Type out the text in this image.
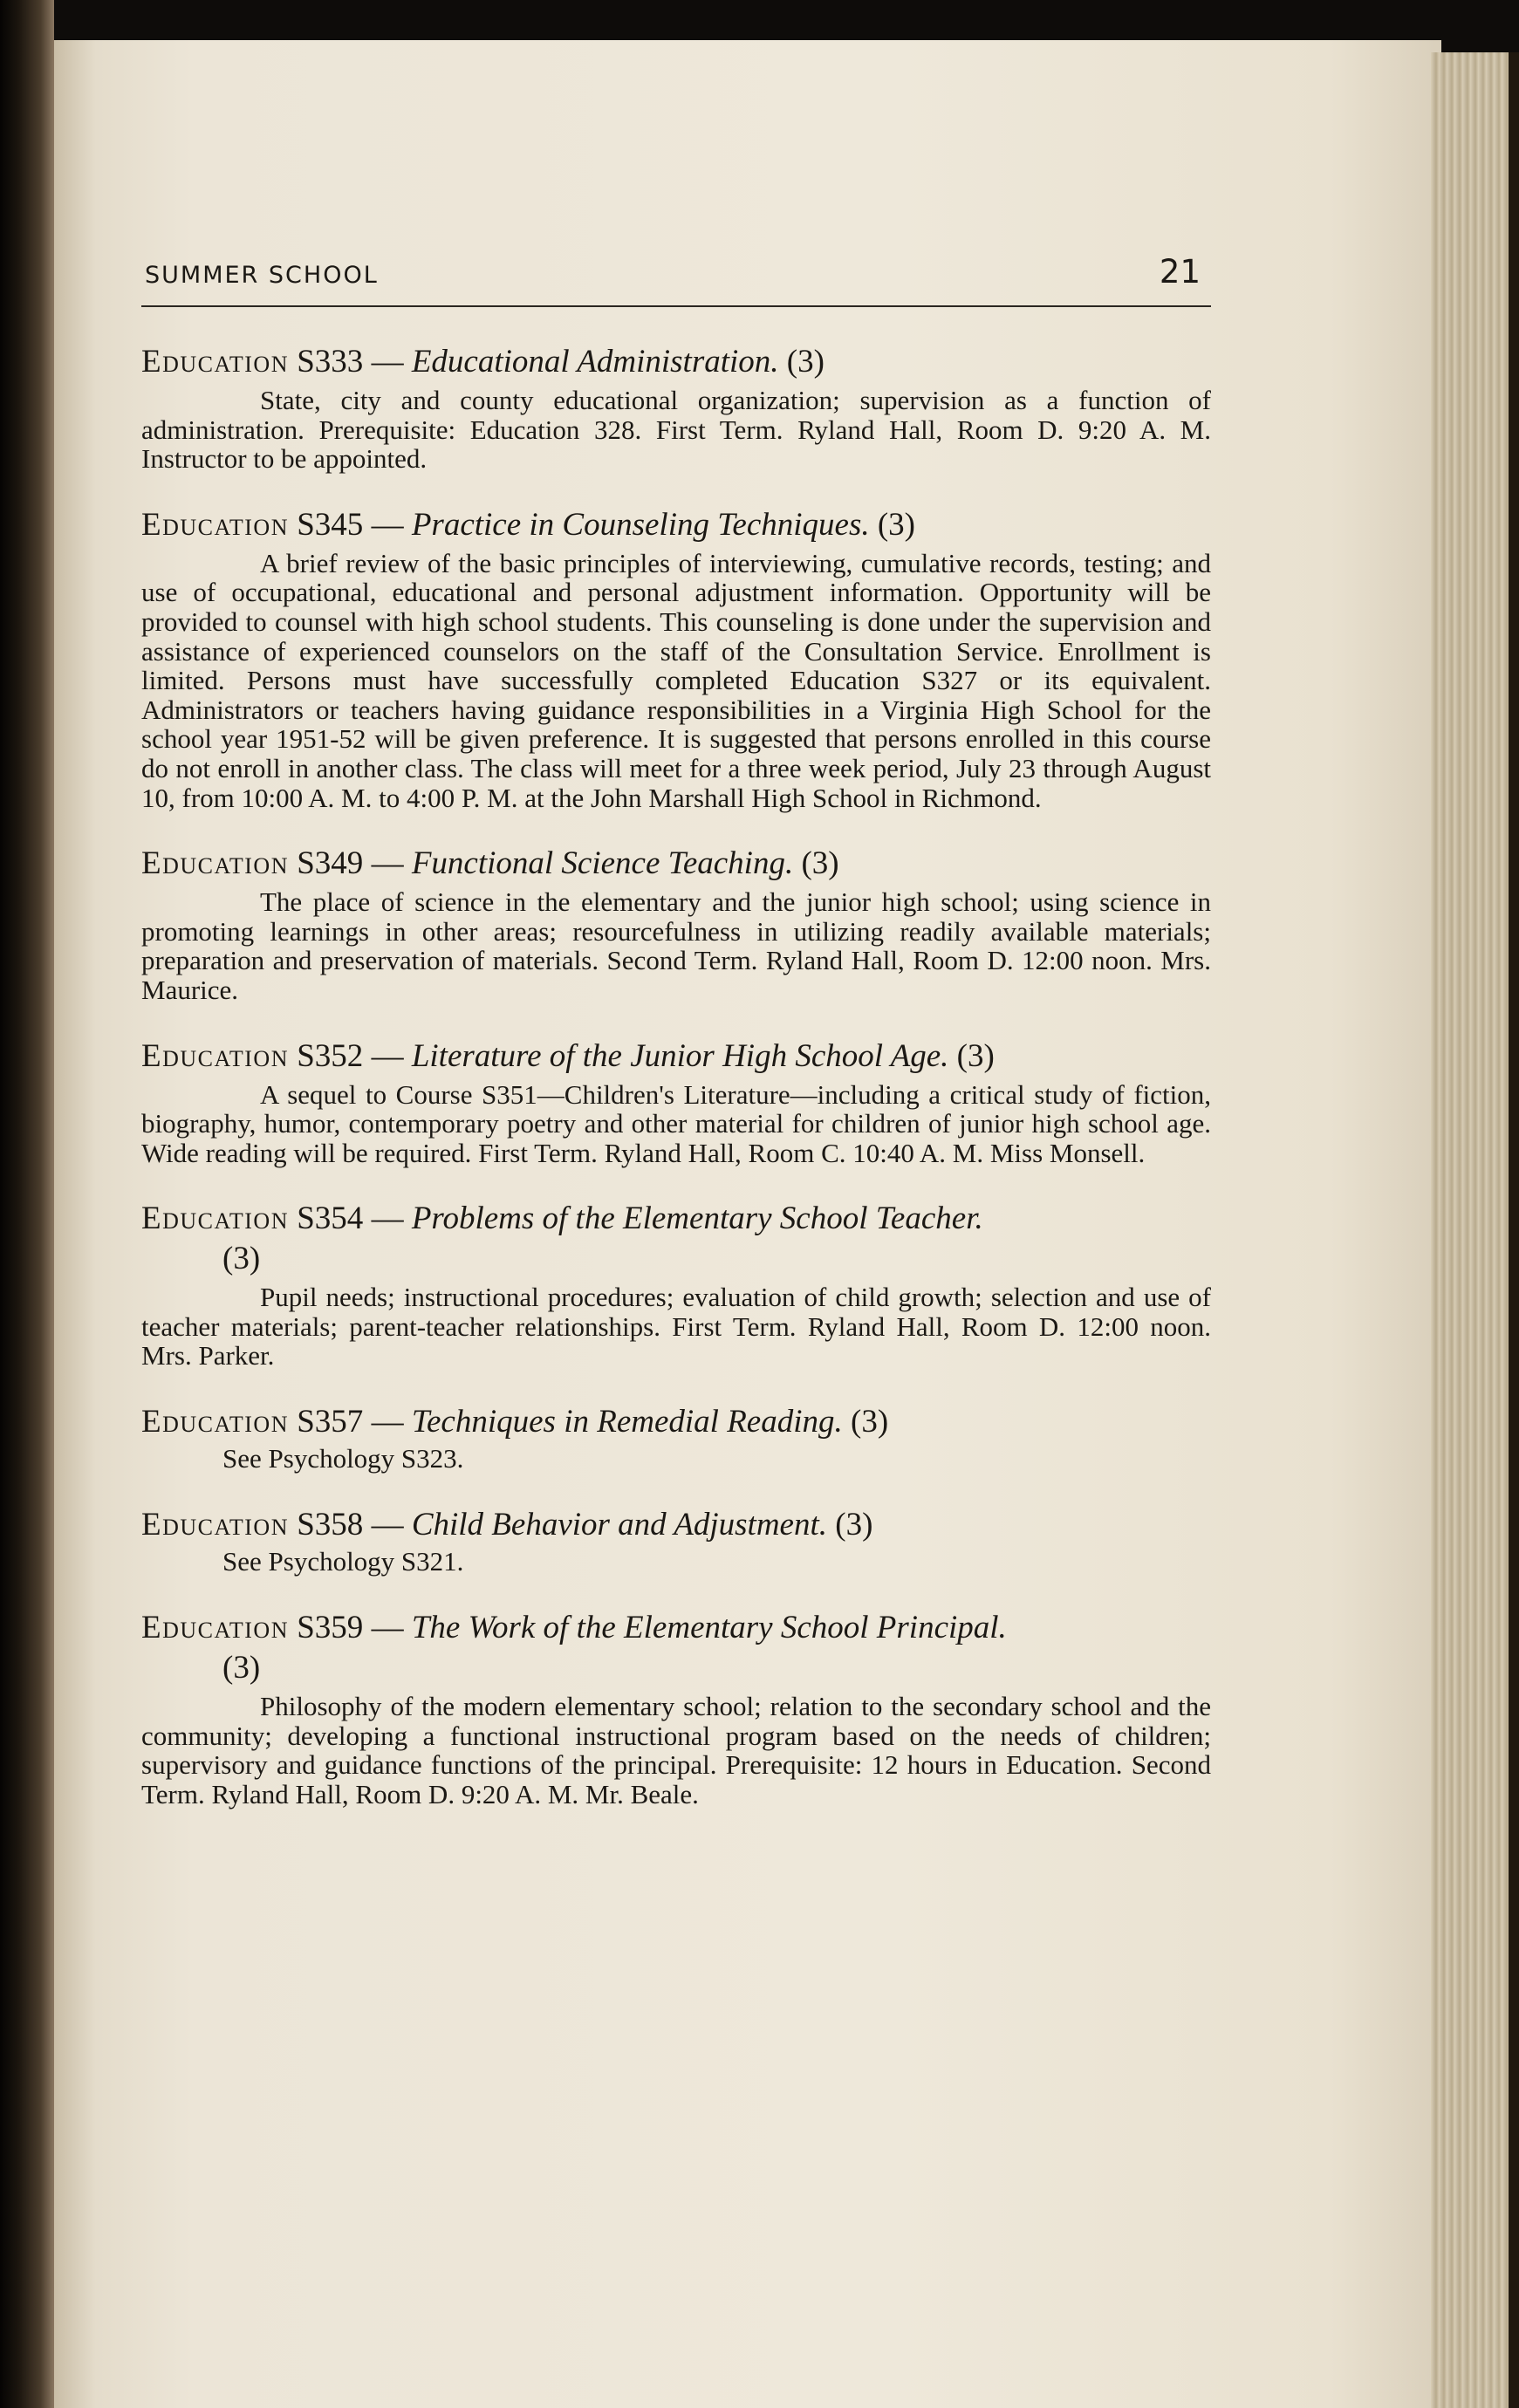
SUMMER SCHOOL	21
Education S333 — Educational Administration. (3)
State, city and county educational organization; supervision as a function of administration. Prerequisite: Education 328. First Term. Ryland Hall, Room D. 9:20 A. M. Instructor to be appointed.
Education S345 — Practice in Counseling Techniques. (3)
A brief review of the basic principles of interviewing, cumulative records, testing; and use of occupational, educational and personal adjustment information. Opportunity will be provided to counsel with high school students. This counseling is done under the supervision and assistance of experienced counselors on the staff of the Consultation Service. Enrollment is limited. Persons must have successfully completed Education S327 or its equivalent. Administrators or teachers having guidance responsibilities in a Virginia High School for the school year 1951-52 will be given preference. It is suggested that persons enrolled in this course do not enroll in another class. The class will meet for a three week period, July 23 through August 10, from 10:00 A. M. to 4:00 P. M. at the John Marshall High School in Richmond.
Education S349 — Functional Science Teaching. (3)
The place of science in the elementary and the junior high school; using science in promoting learnings in other areas; resourcefulness in utilizing readily available materials; preparation and preservation of materials. Second Term. Ryland Hall, Room D. 12:00 noon. Mrs. Maurice.
Education S352 — Literature of the Junior High School Age. (3)
A sequel to Course S351—Children's Literature—including a critical study of fiction, biography, humor, contemporary poetry and other material for children of junior high school age. Wide reading will be required. First Term. Ryland Hall, Room C. 10:40 A. M. Miss Monsell.
Education S354 — Problems of the Elementary School Teacher.
(3)
Pupil needs; instructional procedures; evaluation of child growth; selection and use of teacher materials; parent-teacher relationships. First Term. Ryland Hall, Room D. 12:00 noon. Mrs. Parker.
Education S357 — Techniques in Remedial Reading. (3)
See Psychology S323.
Education S358 — Child Behavior and Adjustment. (3)
See Psychology S321.
Education S359 — The Work of the Elementary School Principal.
(3)
Philosophy of the modern elementary school; relation to the secondary school and the community; developing a functional instructional program based on the needs of children; supervisory and guidance functions of the principal. Prerequisite: 12 hours in Education. Second Term. Ryland Hall, Room D. 9:20 A. M. Mr. Beale.
